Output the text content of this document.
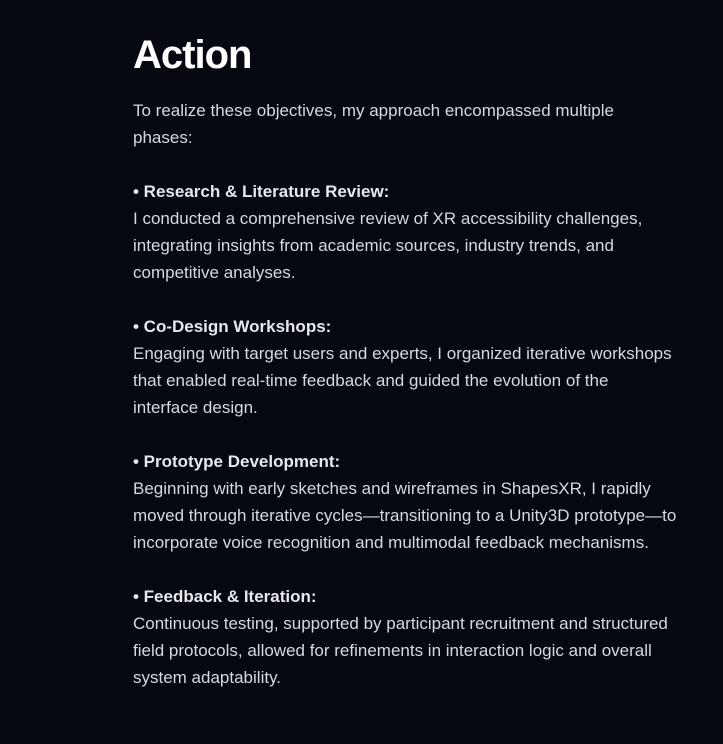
Action

To realize these objectives, my approach encompassed multiple phases:

• Research & Literature Review:
I conducted a comprehensive review of XR accessibility challenges, integrating insights from academic sources, industry trends, and competitive analyses.
• Co-Design Workshops:
Engaging with target users and experts, I organized iterative workshops that enabled real-time feedback and guided the evolution of the interface design.
• Prototype Development:
Beginning with early sketches and wireframes in ShapesXR, I rapidly moved through iterative cycles—transitioning to a Unity3D prototype—to incorporate voice recognition and multimodal feedback mechanisms.
• Feedback & Iteration:
Continuous testing, supported by participant recruitment and structured field protocols, allowed for refinements in interaction logic and overall system adaptability.
